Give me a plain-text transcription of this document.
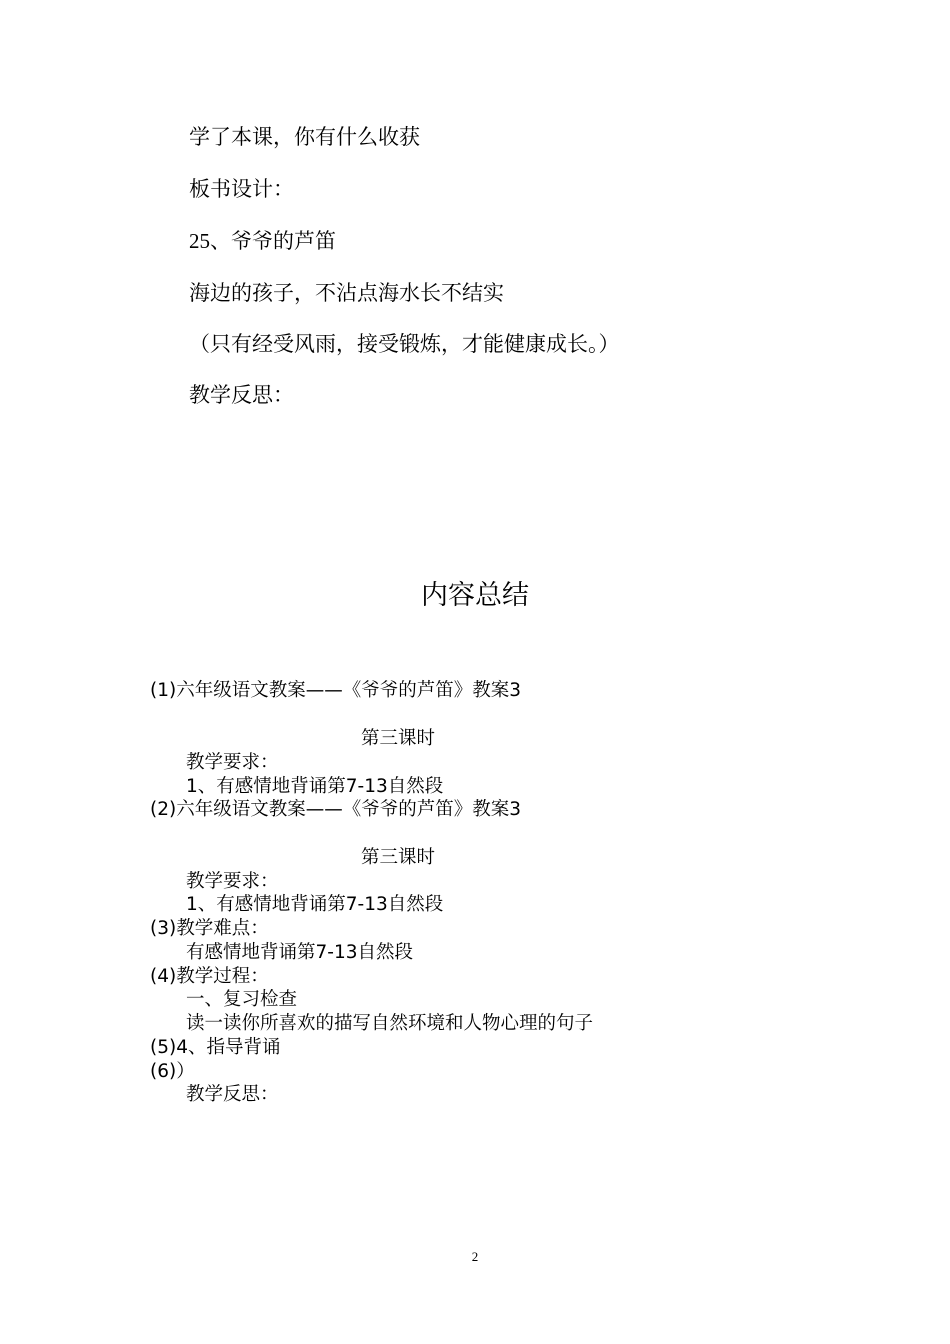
学了本课，你有什么收获
板书设计：
25、爷爷的芦笛
海边的孩子，不沾点海水长不结实
（只有经受风雨，接受锻炼，才能健康成长。）
教学反思：
内容总结
(1)六年级语文教案——《爷爷的芦笛》教案3
第三课时
教学要求：
1、有感情地背诵第7-13自然段
(2)六年级语文教案——《爷爷的芦笛》教案3
第三课时
教学要求：
1、有感情地背诵第7-13自然段
(3)教学难点：
有感情地背诵第7-13自然段
(4)教学过程：
一、复习检查
读一读你所喜欢的描写自然环境和人物心理的句子
(5)4、指导背诵
(6)）
教学反思：
2
